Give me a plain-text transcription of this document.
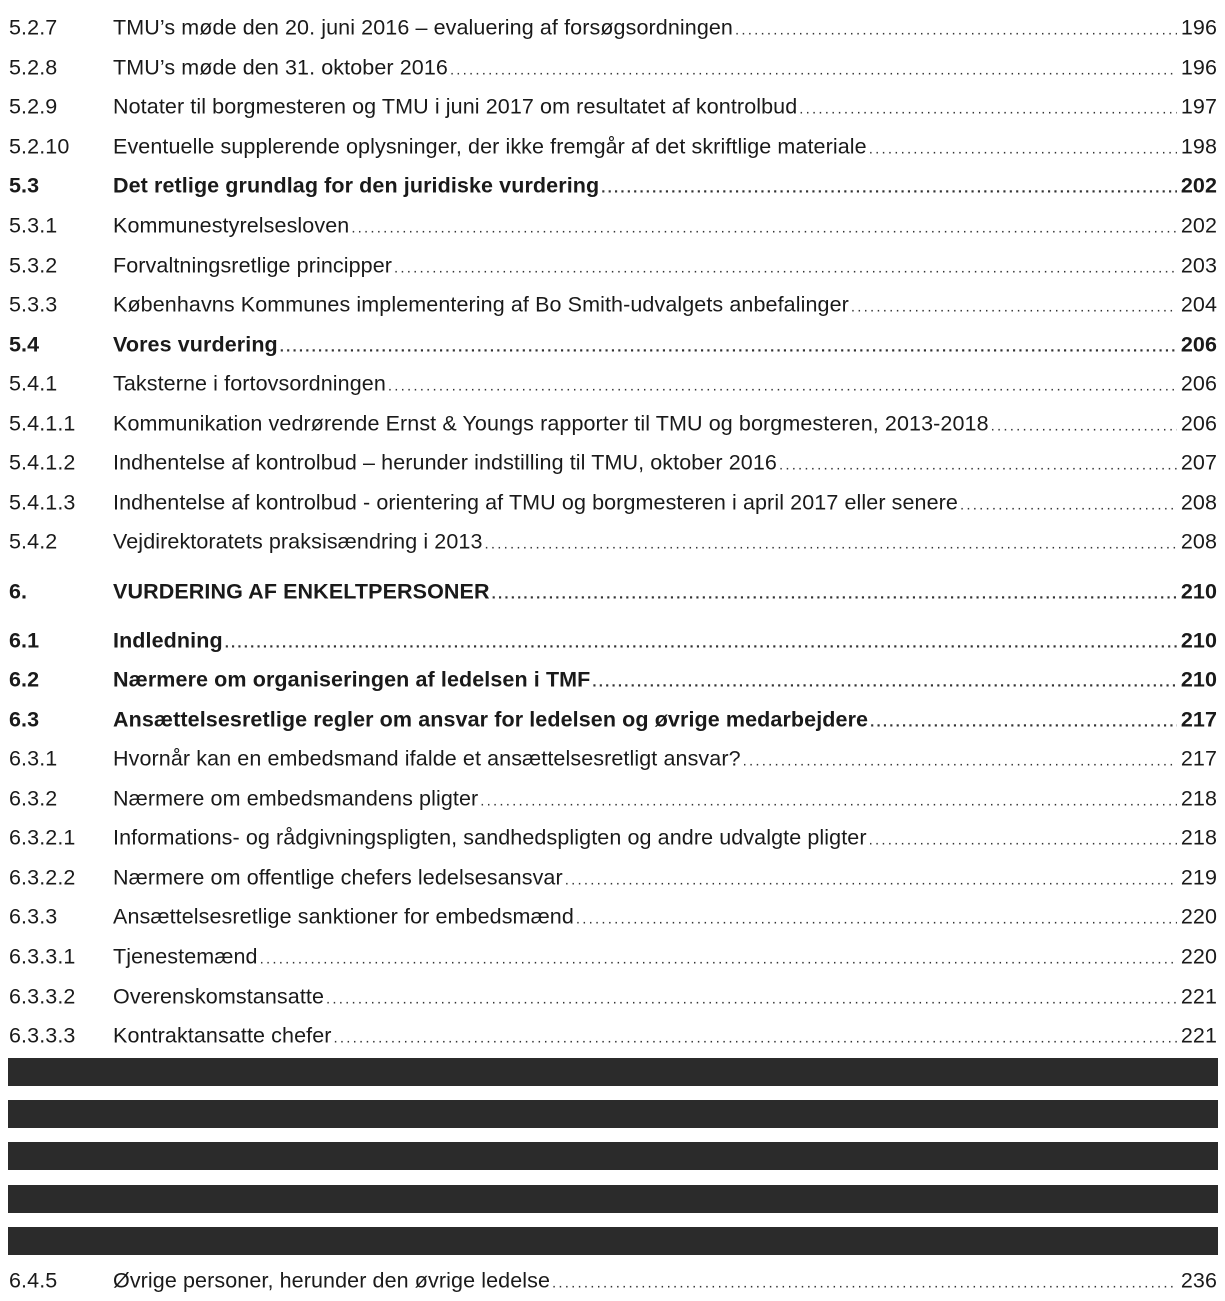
5.2.7	TMU’s møde den 20. juni 2016 – evaluering af forsøgsordningen .....	196
5.2.8	TMU’s møde den 31. oktober 2016 .....	196
5.2.9	Notater til borgmesteren og TMU i juni 2017 om resultatet af kontrolbud .....	197
5.2.10 Eventuelle supplerende oplysninger, der ikke fremgår af det skriftlige materiale .....	198
5.3	Det retlige grundlag for den juridiske vurdering .....	202
5.3.1	Kommunestyrelsesloven .....	202
5.3.2	Forvaltningsretlige principper .....	203
5.3.3	Københavns Kommunes implementering af Bo Smith-udvalgets anbefalinger .....	204
5.4	Vores vurdering .....	206
5.4.1	Taksterne i fortovsordningen .....	206
5.4.1.1 Kommunikation vedrørende Ernst & Youngs rapporter til TMU og borgmesteren, 2013-2018 .....	206
5.4.1.2 Indhentelse af kontrolbud – herunder indstilling til TMU, oktober 2016 .....	207
5.4.1.3 Indhentelse af kontrolbud - orientering af TMU og borgmesteren i april 2017 eller senere .....	208
5.4.2	Vejdirektoratets praksisændring i 2013 .....	208
6.	VURDERING AF ENKELTPERSONER .....	210
6.1	Indledning .....	210
6.2	Nærmere om organiseringen af ledelsen i TMF .....	210
6.3	Ansættelsesretlige regler om ansvar for ledelsen og øvrige medarbejdere .....	217
6.3.1	Hvornår kan en embedsmand ifalde et ansættelsesretligt ansvar? .....	217
6.3.2	Nærmere om embedsmandens pligter .....	218
6.3.2.1 Informations- og rådgivningspligten, sandhedspligten og andre udvalgte pligter .....	218
6.3.2.2 Nærmere om offentlige chefers ledelsesansvar .....	219
6.3.3	Ansættelsesretlige sanktioner for embedsmænd .....	220
6.3.3.1 Tjenestemænd .....	220
6.3.3.2 Overenskomstansatte .....	221
6.3.3.3 Kontraktansatte chefer .....	221
6.4.5	Øvrige personer, herunder den øvrige ledelse .....	236
